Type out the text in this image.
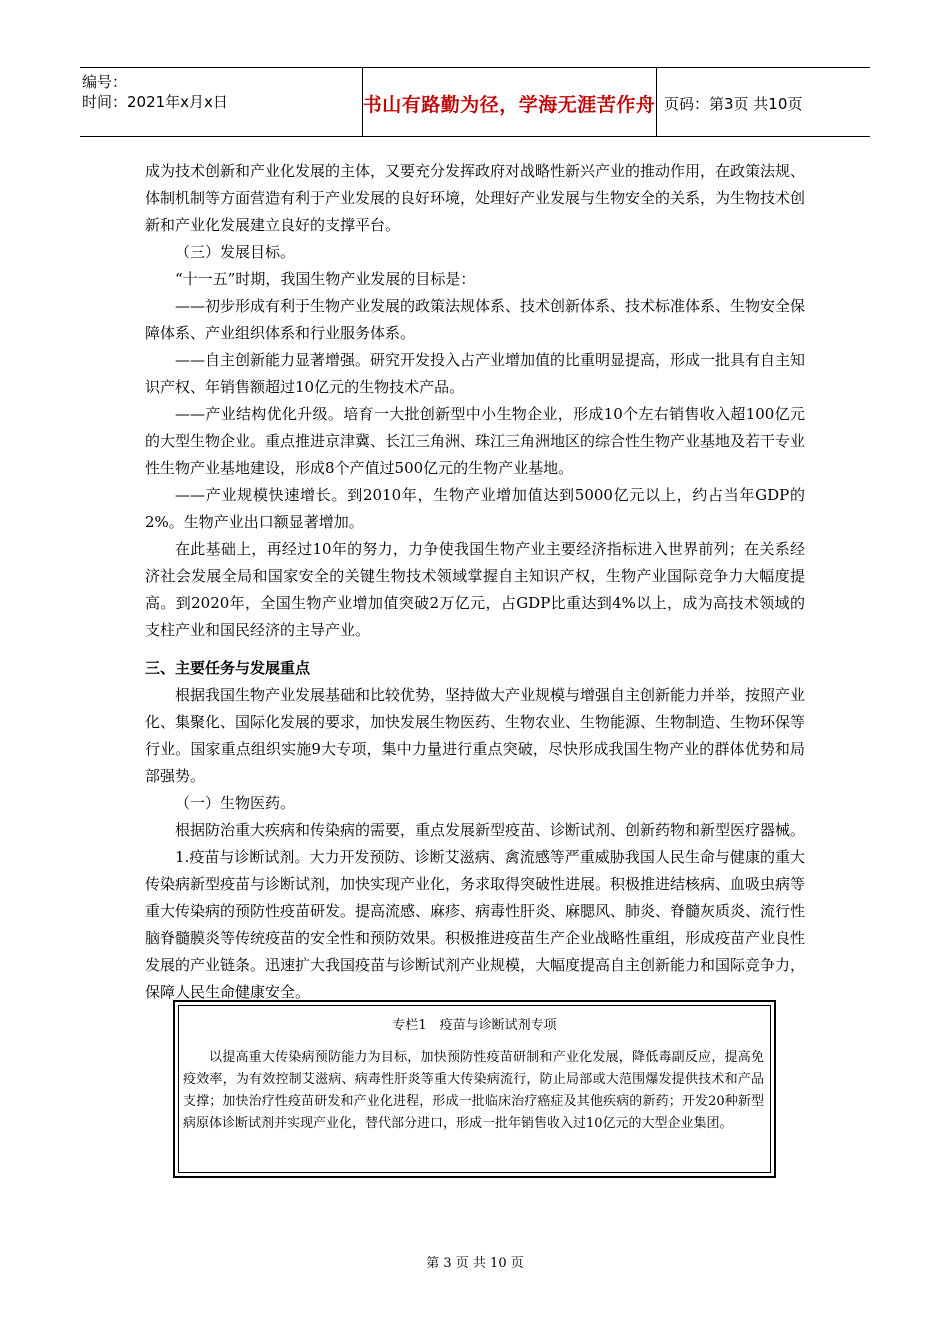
编号：
时间：2021年x月x日	书山有路勤为径，学海无涯苦作舟 页码：第3页 共10页

成为技术创新和产业化发展的主体，又要充分发挥政府对战略性新兴产业的推动作用，在政策法规、体制机制等方面营造有利于产业发展的良好环境，处理好产业发展与生物安全的关系，为生物技术创新和产业化发展建立良好的支撑平台。

（三）发展目标。

“十一五”时期，我国生物产业发展的目标是：

——初步形成有利于生物产业发展的政策法规体系、技术创新体系、技术标准体系、生物安全保障体系、产业组织体系和行业服务体系。

——自主创新能力显著增强。研究开发投入占产业增加值的比重明显提高，形成一批具有自主知识产权、年销售额超过10亿元的生物技术产品。

——产业结构优化升级。培育一大批创新型中小生物企业，形成10个左右销售收入超100亿元的大型生物企业。重点推进京津冀、长江三角洲、珠江三角洲地区的综合性生物产业基地及若干专业性生物产业基地建设，形成8个产值过500亿元的生物产业基地。

——产业规模快速增长。到2010年，生物产业增加值达到5000亿元以上，约占当年GDP的2%。生物产业出口额显著增加。

在此基础上，再经过10年的努力，力争使我国生物产业主要经济指标进入世界前列；在关系经济社会发展全局和国家安全的关键生物技术领域掌握自主知识产权，生物产业国际竞争力大幅度提高。到2020年，全国生物产业增加值突破2万亿元，占GDP比重达到4%以上，成为高技术领域的支柱产业和国民经济的主导产业。

三、主要任务与发展重点

根据我国生物产业发展基础和比较优势，坚持做大产业规模与增强自主创新能力并举，按照产业化、集聚化、国际化发展的要求，加快发展生物医药、生物农业、生物能源、生物制造、生物环保等行业。国家重点组织实施9大专项，集中力量进行重点突破，尽快形成我国生物产业的群体优势和局部强势。

（一）生物医药。

根据防治重大疾病和传染病的需要，重点发展新型疫苗、诊断试剂、创新药物和新型医疗器械。

1.疫苗与诊断试剂。大力开发预防、诊断艾滋病、禽流感等严重威胁我国人民生命与健康的重大传染病新型疫苗与诊断试剂，加快实现产业化，务求取得突破性进展。积极推进结核病、血吸虫病等重大传染病的预防性疫苗研发。提高流感、麻疹、病毒性肝炎、麻腮风、肺炎、脊髓灰质炎、流行性脑脊髓膜炎等传统疫苗的安全性和预防效果。积极推进疫苗生产企业战略性重组，形成疫苗产业良性发展的产业链条。迅速扩大我国疫苗与诊断试剂产业规模，大幅度提高自主创新能力和国际竞争力，保障人民生命健康安全。

专栏1　疫苗与诊断试剂专项
以提高重大传染病预防能力为目标，加快预防性疫苗研制和产业化发展，降低毒副反应，提高免疫效率，为有效控制艾滋病、病毒性肝炎等重大传染病流行，防止局部或大范围爆发提供技术和产品支撑；加快治疗性疫苗研发和产业化进程，形成一批临床治疗癌症及其他疾病的新药；开发20种新型病原体诊断试剂并实现产业化，替代部分进口，形成一批年销售收入过10亿元的大型企业集团。
第 3 页 共 10 页
